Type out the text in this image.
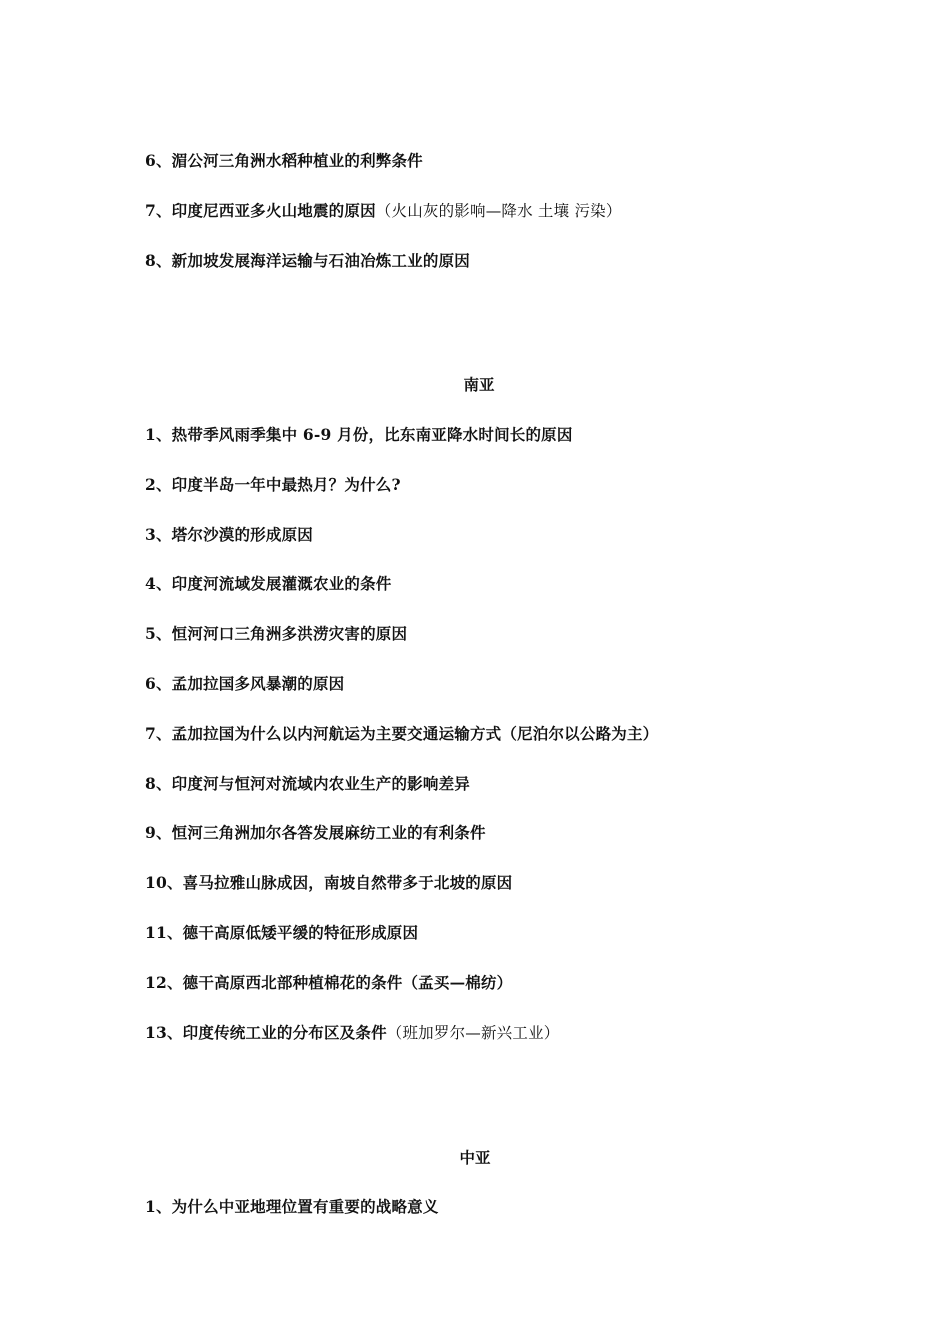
6、湄公河三角洲水稻种植业的利弊条件
7、印度尼西亚多火山地震的原因（火山灰的影响—降水 土壤 污染）
8、新加坡发展海洋运输与石油冶炼工业的原因
南亚
1、热带季风雨季集中 6-9 月份，比东南亚降水时间长的原因
2、印度半岛一年中最热月？为什么?
3、塔尔沙漠的形成原因
4、印度河流域发展灌溉农业的条件
5、恒河河口三角洲多洪涝灾害的原因
6、孟加拉国多风暴潮的原因
7、孟加拉国为什么以内河航运为主要交通运输方式（尼泊尔以公路为主）
8、印度河与恒河对流域内农业生产的影响差异
9、恒河三角洲加尔各答发展麻纺工业的有利条件
10、喜马拉雅山脉成因，南坡自然带多于北坡的原因
11、德干高原低矮平缓的特征形成原因
12、德干高原西北部种植棉花的条件（孟买—棉纺）
13、印度传统工业的分布区及条件（班加罗尔—新兴工业）
中亚
1、为什么中亚地理位置有重要的战略意义
